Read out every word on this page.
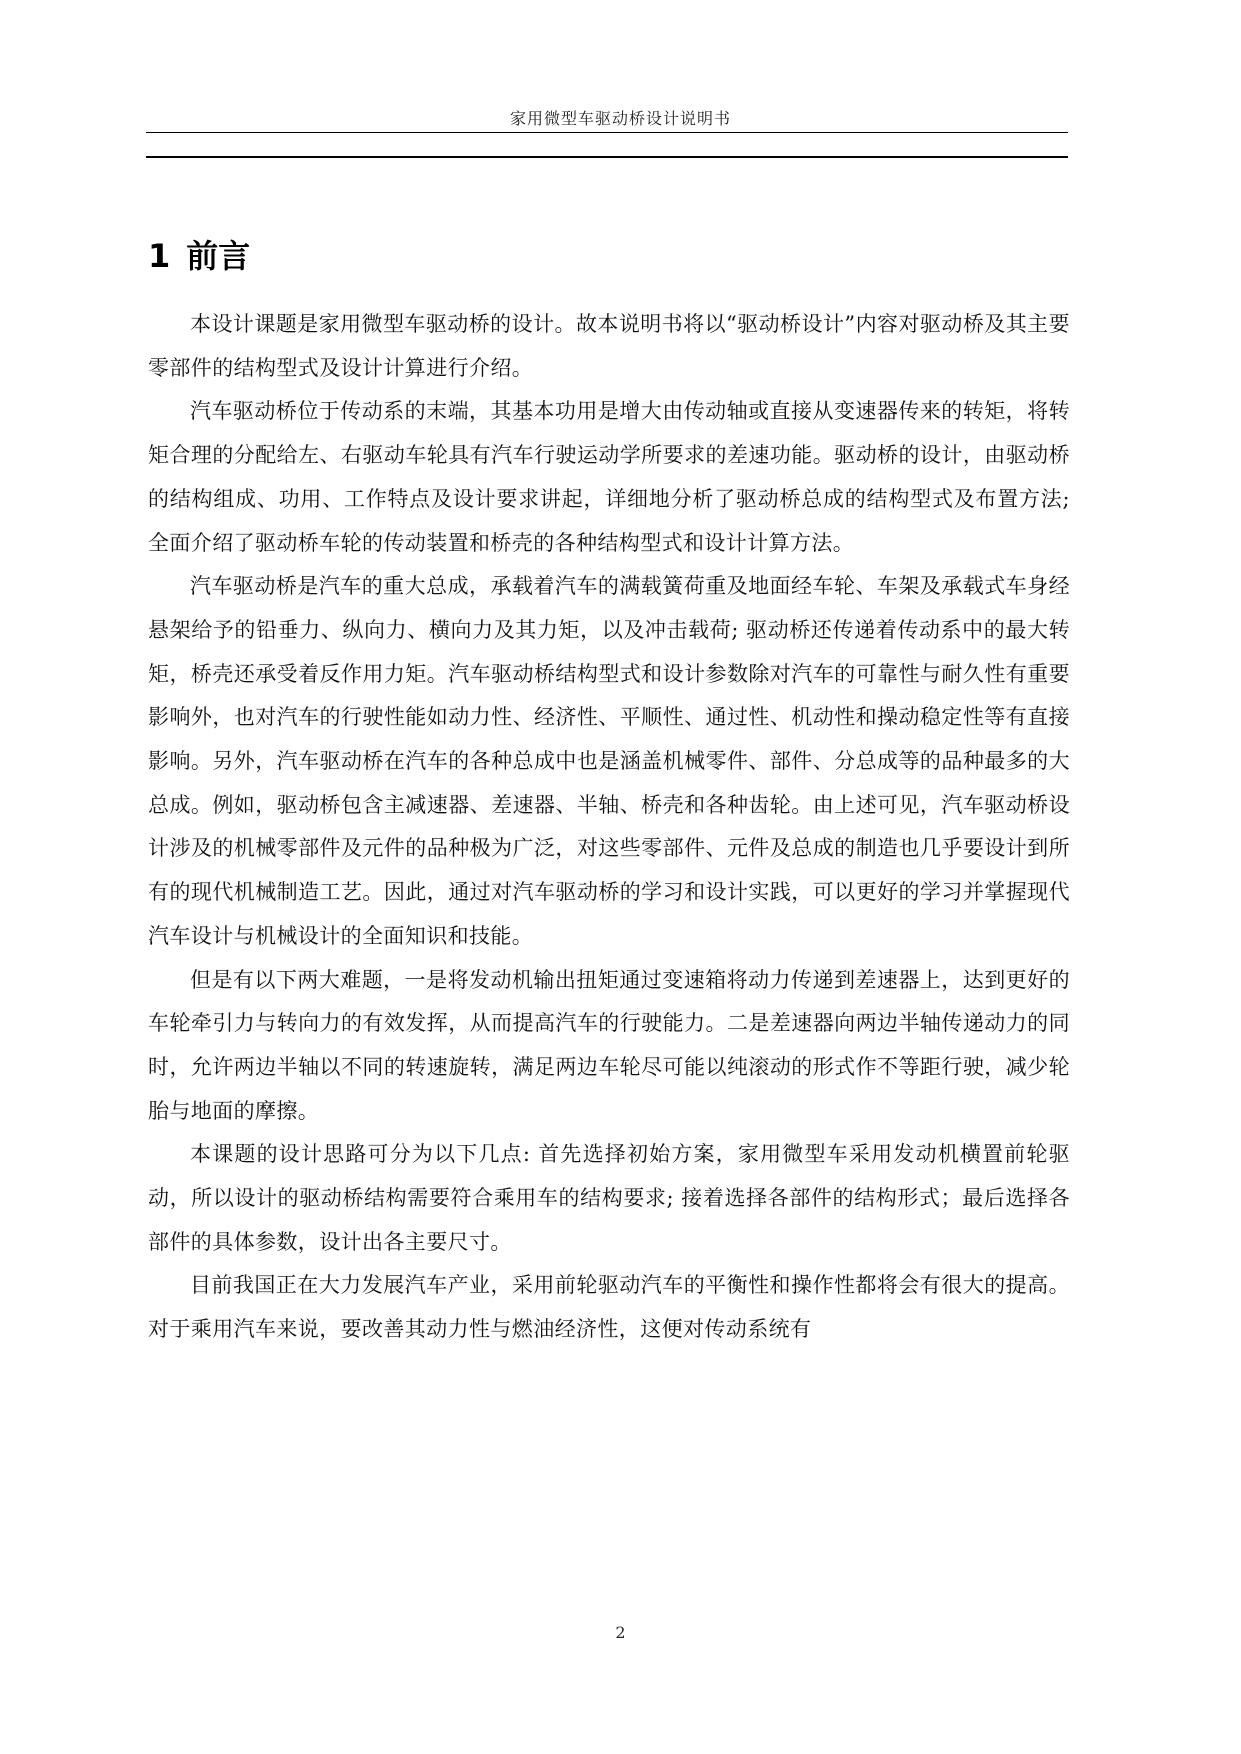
家用微型车驱动桥设计说明书
1 前言

本设计课题是家用微型车驱动桥的设计。故本说明书将以“驱动桥设计”内容对驱动桥及其主要零部件的结构型式及设计计算进行介绍。

汽车驱动桥位于传动系的末端，其基本功用是增大由传动轴或直接从变速器传来的转矩，将转矩合理的分配给左、右驱动车轮具有汽车行驶运动学所要求的差速功能。驱动桥的设计，由驱动桥的结构组成、功用、工作特点及设计要求讲起，详细地分析了驱动桥总成的结构型式及布置方法; 全面介绍了驱动桥车轮的传动装置和桥壳的各种结构型式和设计计算方法。

汽车驱动桥是汽车的重大总成，承载着汽车的满载簧荷重及地面经车轮、车架及承载式车身经悬架给予的铅垂力、纵向力、横向力及其力矩，以及冲击载荷; 驱动桥还传递着传动系中的最大转矩，桥壳还承受着反作用力矩。汽车驱动桥结构型式和设计参数除对汽车的可靠性与耐久性有重要影响外，也对汽车的行驶性能如动力性、经济性、平顺性、通过性、机动性和操动稳定性等有直接影响。另外，汽车驱动桥在汽车的各种总成中也是涵盖机械零件、部件、分总成等的品种最多的大总成。例如，驱动桥包含主减速器、差速器、半轴、桥壳和各种齿轮。由上述可见，汽车驱动桥设计涉及的机械零部件及元件的品种极为广泛，对这些零部件、元件及总成的制造也几乎要设计到所有的现代机械制造工艺。因此，通过对汽车驱动桥的学习和设计实践，可以更好的学习并掌握现代汽车设计与机械设计的全面知识和技能。

但是有以下两大难题，一是将发动机输出扭矩通过变速箱将动力传递到差速器上，达到更好的车轮牵引力与转向力的有效发挥，从而提高汽车的行驶能力。二是差速器向两边半轴传递动力的同时，允许两边半轴以不同的转速旋转，满足两边车轮尽可能以纯滚动的形式作不等距行驶，减少轮胎与地面的摩擦。

本课题的设计思路可分为以下几点: 首先选择初始方案，家用微型车采用发动机横置前轮驱动，所以设计的驱动桥结构需要符合乘用车的结构要求; 接着选择各部件的结构形式；最后选择各部件的具体参数，设计出各主要尺寸。

目前我国正在大力发展汽车产业，采用前轮驱动汽车的平衡性和操作性都将会有很大的提高。对于乘用汽车来说，要改善其动力性与燃油经济性，这便对传动系统有

2
